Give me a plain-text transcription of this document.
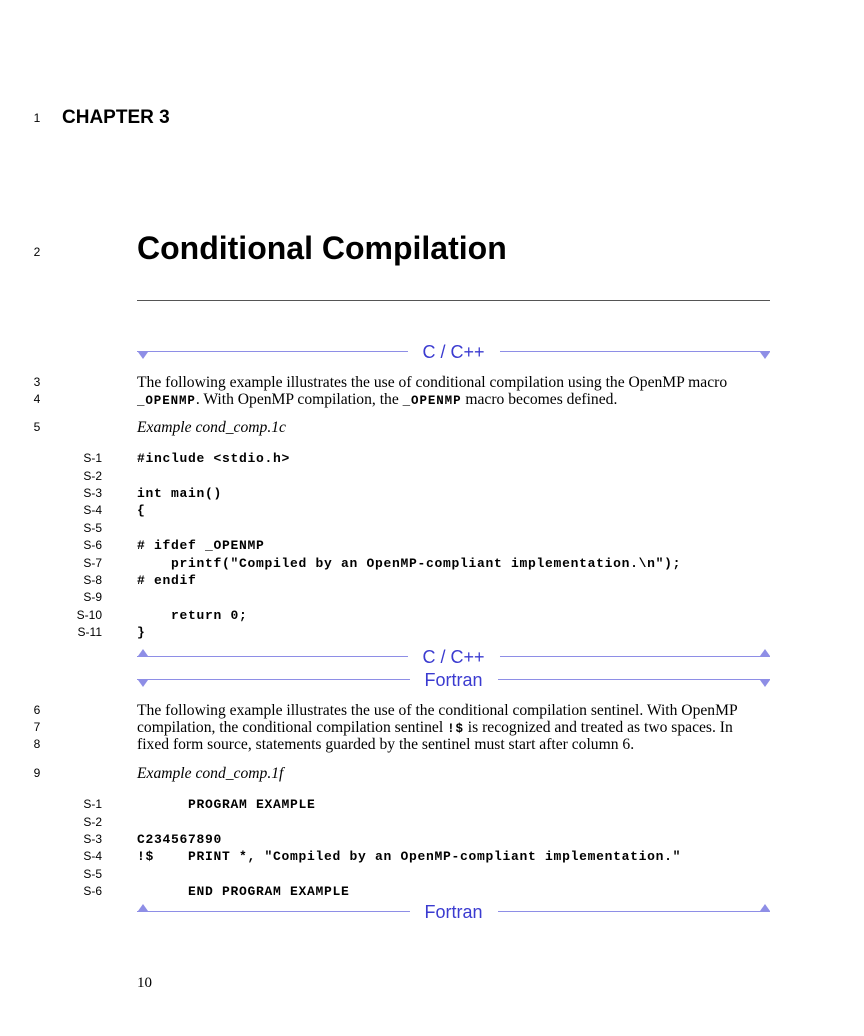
1	CHAPTER 3
2	Conditional Compilation
C / C++
3	The following example illustrates the use of conditional compilation using the OpenMP macro
4	_OPENMP. With OpenMP compilation, the _OPENMP macro becomes defined.
5	Example cond_comp.1c
S-1	#include <stdio.h>
S-2
S-3	int main()
S-4	{
S-5
S-6	# ifdef _OPENMP
S-7	printf("Compiled by an OpenMP-compliant implementation.\n");
S-8	# endif
S-9
S-10	return 0;
S-11	}
C / C++
Fortran
6	The following example illustrates the use of the conditional compilation sentinel. With OpenMP
7	compilation, the conditional compilation sentinel !$ is recognized and treated as two spaces. In
8	fixed form source, statements guarded by the sentinel must start after column 6.
9	Example cond_comp.1f
S-1	PROGRAM EXAMPLE
S-2
S-3	C234567890
S-4	!$    PRINT *, "Compiled by an OpenMP-compliant implementation."
S-5
S-6	END PROGRAM EXAMPLE
Fortran
10
